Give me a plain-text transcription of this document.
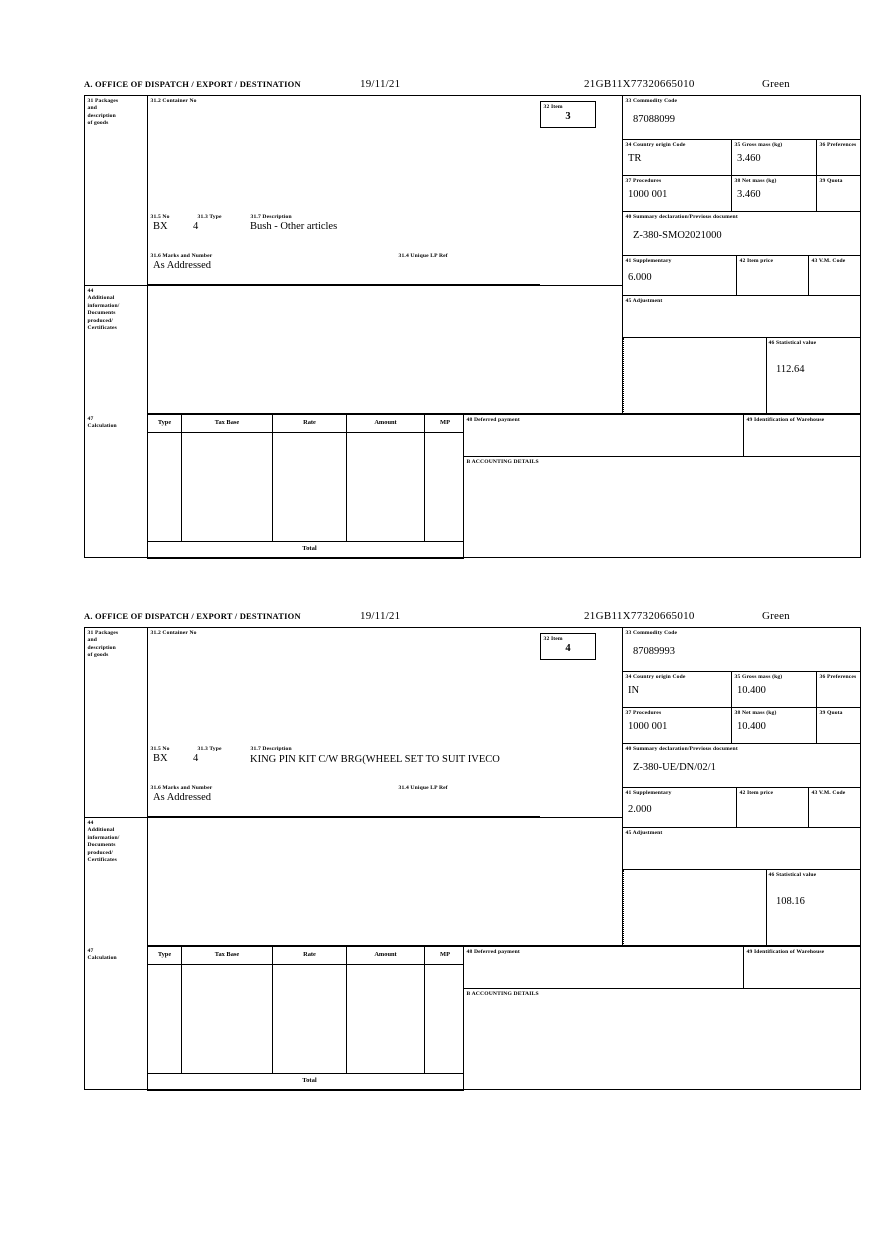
A. OFFICE OF DISPATCH / EXPORT / DESTINATION	19/11/21	21GB11X77320665010	Green
31 Packages
and
description
of goods
31.2 Container No
31.5 No	31.3 Type	31.7 Description
BX	4	Bush - Other articles
31.6 Marks and Number	31.4 Unique LP Ref
As Addressed
32 Item
3
33 Commodity Code
87088099
34 Country origin Code
TR
35 Gross mass (kg)
3.460
36 Preferences
37 Procedures
1000 001
38 Net mass (kg)
3.460
39 Quota
40 Summary declaration/Previous document
Z-380-SMO2021000
41 Supplementary
6.000
42 Item price	43 V.M. Code
45 Adjustment
46 Statistical value
112.64
44
Additional
information/
Documents
produced/
Certificates
47
Calculation
Type	Tax Base	Rate	Amount	MP
Total
48 Deferred payment	49 Identification of Warehouse
B ACCOUNTING DETAILS
A. OFFICE OF DISPATCH / EXPORT / DESTINATION	19/11/21	21GB11X77320665010	Green
31 Packages
and
description
of goods
31.2 Container No
31.5 No	31.3 Type	31.7 Description
BX	4	KING PIN KIT C/W BRG(WHEEL SET TO SUIT IVECO
31.6 Marks and Number	31.4 Unique LP Ref
As Addressed
32 Item
4
33 Commodity Code
87089993
34 Country origin Code
IN
35 Gross mass (kg)
10.400
36 Preferences
37 Procedures
1000 001
38 Net mass (kg)
10.400
39 Quota
40 Summary declaration/Previous document
Z-380-UE/DN/02/1
41 Supplementary
2.000
42 Item price	43 V.M. Code
45 Adjustment
46 Statistical value
108.16
44
Additional
information/
Documents
produced/
Certificates
47
Calculation
Type	Tax Base	Rate	Amount	MP
Total
48 Deferred payment	49 Identification of Warehouse
B ACCOUNTING DETAILS
